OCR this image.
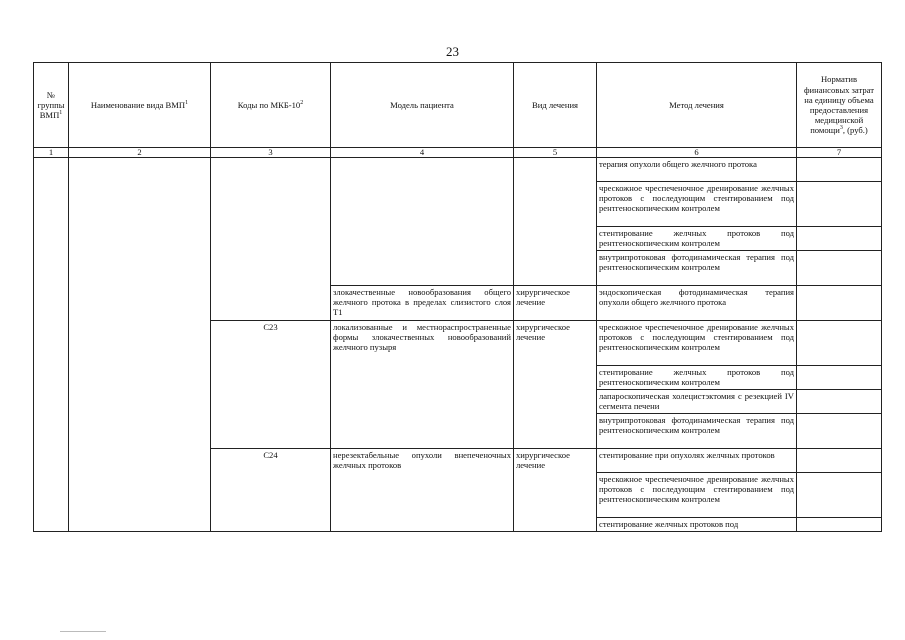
23
№ группы ВМП$^1$	Наименование вида ВМП$^1$	Коды по МКБ-$10^2$	Модель пациента	Вид лечения	Метод лечения	Норматив финансовых затрат на единицу объема предоставления медицинской помощи$^3$, (руб.)
1	2	3	4	5	6	7
					терапия опухоли общего желчного протока	
					чрескожное чреспеченочное дренирование желчных протоков с последующим стентированием под рентгеноскопическим контролем	
					стентирование желчных протоков под рентгеноскопическим контролем	
					внутрипротоковая фотодинамическая терапия под рентгеноскопическим контролем	
			злокачественные новообразования общего желчного протока в пределах слизистого слоя T1	хирургическое лечение	эндоскопическая фотодинамическая терапия опухоли общего желчного протока	
		C23	локализованные и местнораспространенные формы злокачественных новообразований желчного пузыря	хирургическое лечение	чрескожное чреспеченочное дренирование желчных протоков с последующим стентированием под рентгеноскопическим контролем	
					стентирование желчных протоков под рентгеноскопическим контролем	
					лапароскопическая холецистэктомия с резекцией IV сегмента печени	
					внутрипротоковая фотодинамическая терапия под рентгеноскопическим контролем	
		C24	нерезектабельные опухоли внепеченочных желчных протоков	хирургическое лечение	стентирование при опухолях желчных протоков	
					чрескожное чреспеченочное дренирование желчных протоков с последующим стентированием под рентгеноскопическим контролем	
					стентирование желчных протоков под	
